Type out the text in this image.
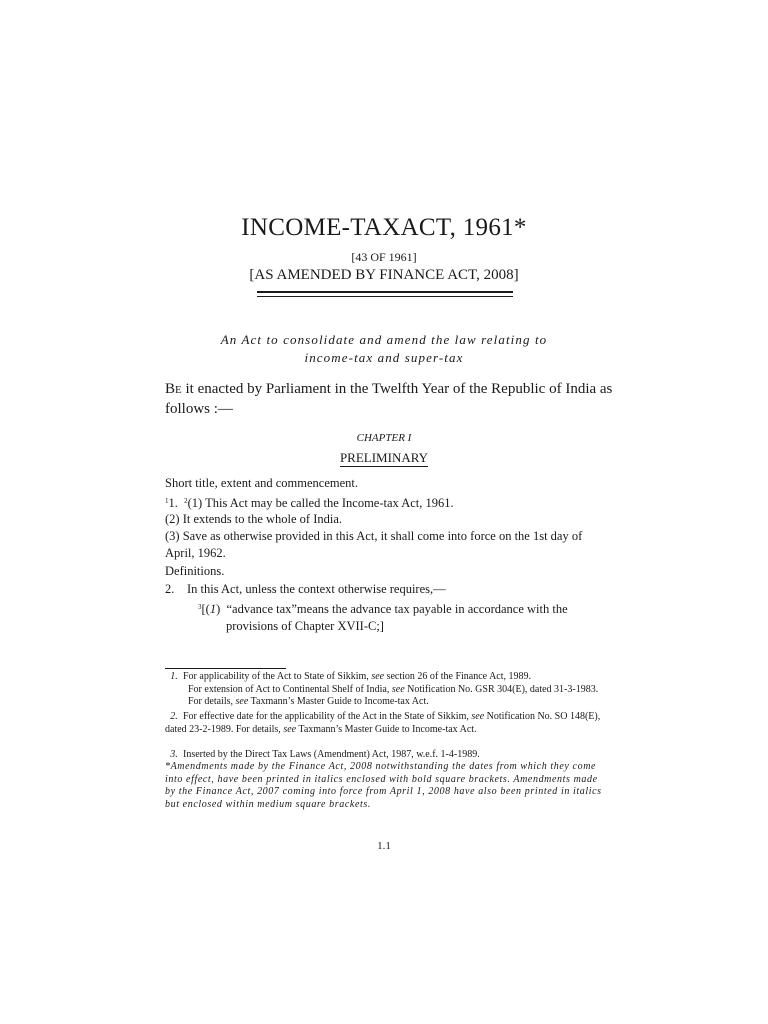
INCOME-TAXACT, 1961*
[43 OF 1961]
[AS AMENDED BY FINANCE ACT, 2008]
An Act to consolidate and amend the law relating to
income-tax and super-tax
BE it enacted by Parliament in the Twelfth Year of the Republic of India as follows :—
CHAPTER I
PRELIMINARY
Short title, extent and commencement.
$^1$1. $^2$(1) This Act may be called the Income-tax Act, 1961.
(2) It extends to the whole of India.
(3) Save as otherwise provided in this Act, it shall come into force on the 1st day of April, 1962.
Definitions.
2. In this Act, unless the context otherwise requires,—
$^3$[(1) “advance tax”means the advance tax payable in accordance with the
provisions of Chapter XVII-C;]
1. For applicability of the Act to State of Sikkim, see section 26 of the Finance Act, 1989.
For extension of Act to Continental Shelf of India, see Notification No. GSR 304(E), dated 31-3-1983. For details, see Taxmann’s Master Guide to Income-tax Act.
2. For effective date for the applicability of the Act in the State of Sikkim, see Notification No. SO 148(E), dated 23-2-1989. For details, see Taxmann’s Master Guide to Income-tax Act.
3. Inserted by the Direct Tax Laws (Amendment) Act, 1987, w.e.f. 1-4-1989.
*Amendments made by the Finance Act, 2008 notwithstanding the dates from which they come into effect, have been printed in italics enclosed with bold square brackets. Amendments made by the Finance Act, 2007 coming into force from April 1, 2008 have also been printed in italics but enclosed within medium square brackets.
1.1
